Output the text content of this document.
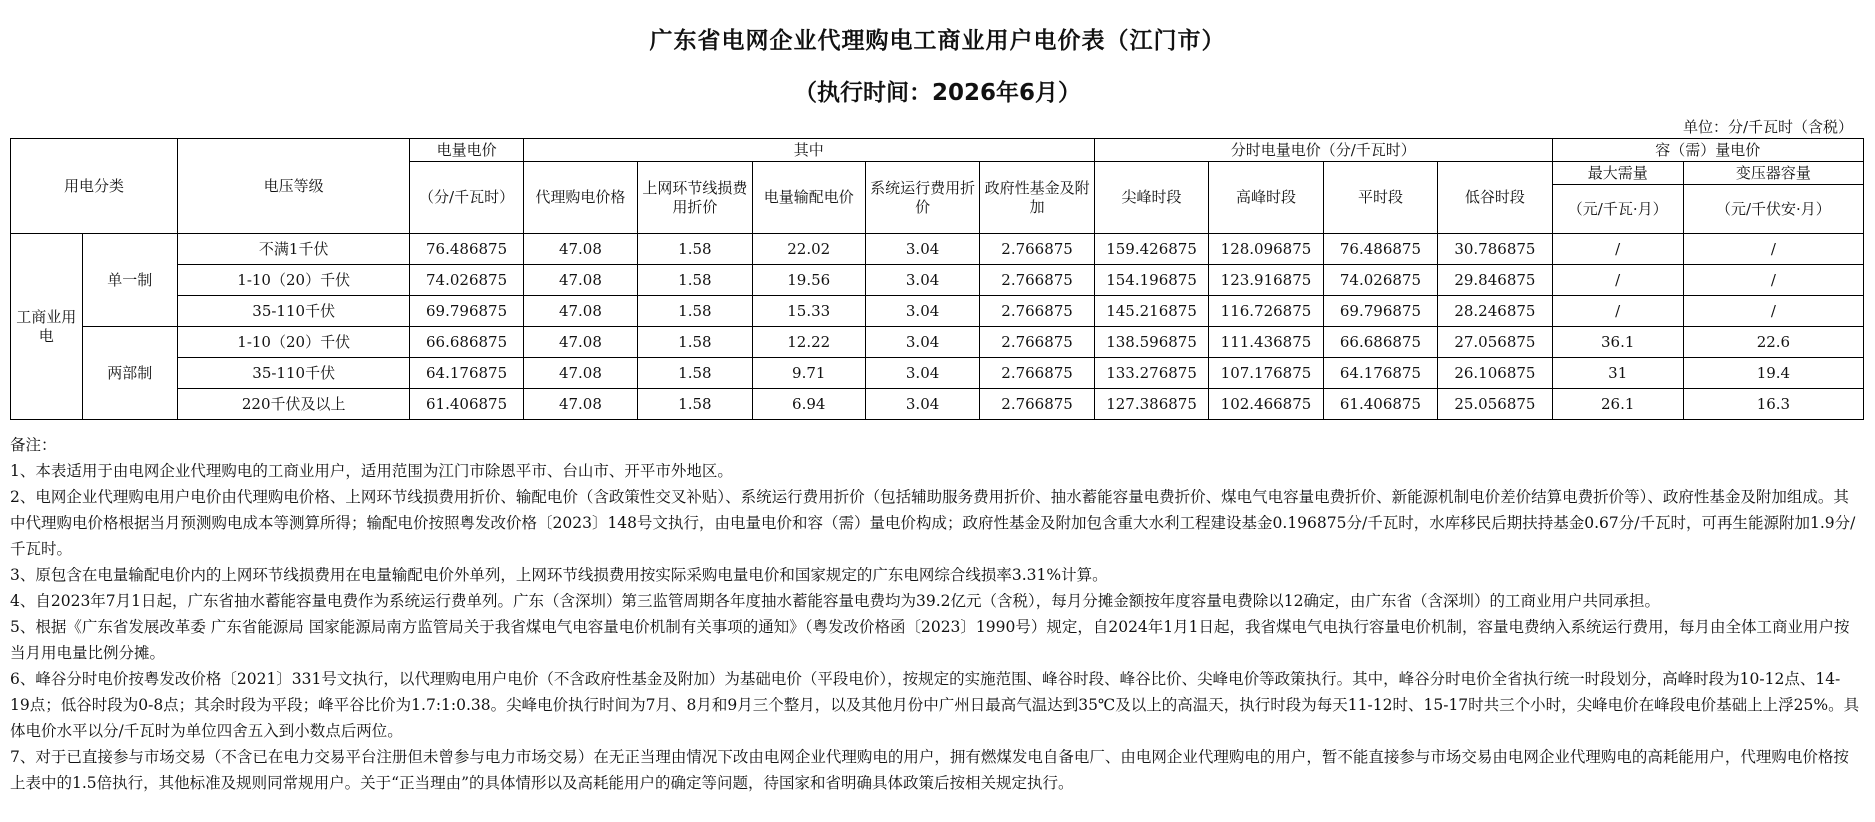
广东省电网企业代理购电工商业用户电价表（江门市）
（执行时间：2026年6月）
单位：分/千瓦时（含税）
用电分类		电压等级	电量电价	其中					分时电量电价（分/千瓦时）				容（需）量电价	
			（分/千瓦时）	代理购电价格	上网环节线损费用折价	电量输配电价	系统运行费用折价	政府性基金及附加	尖峰时段	高峰时段	平时段	低谷时段	最大需量	变压器容量
													（元/千瓦·月）	（元/千伏安·月）
工商业用电	单一制	不满1千伏	76.486875	47.08	1.58	22.02	3.04	2.766875	159.426875	128.096875	76.486875	30.786875	/	/
		1-10（20）千伏	74.026875	47.08	1.58	19.56	3.04	2.766875	154.196875	123.916875	74.026875	29.846875	/	/
		35-110千伏	69.796875	47.08	1.58	15.33	3.04	2.766875	145.216875	116.726875	69.796875	28.246875	/	/
	两部制	1-10（20）千伏	66.686875	47.08	1.58	12.22	3.04	2.766875	138.596875	111.436875	66.686875	27.056875	36.1	22.6
		35-110千伏	64.176875	47.08	1.58	9.71	3.04	2.766875	133.276875	107.176875	64.176875	26.106875	31	19.4
		220千伏及以上	61.406875	47.08	1.58	6.94	3.04	2.766875	127.386875	102.466875	61.406875	25.056875	26.1	16.3

备注：

1、本表适用于由电网企业代理购电的工商业用户，适用范围为江门市除恩平市、台山市、开平市外地区。

2、电网企业代理购电用户电价由代理购电价格、上网环节线损费用折价、输配电价（含政策性交叉补贴）、系统运行费用折价（包括辅助服务费用折价、抽水蓄能容量电费折价、煤电气电容量电费折价、新能源机制电价差价结算电费折价等）、政府性基金及附加组成。其中代理购电价格根据当月预测购电成本等测算所得；输配电价按照粤发改价格〔2023〕148号文执行，由电量电价和容（需）量电价构成；政府性基金及附加包含重大水利工程建设基金0.196875分/千瓦时，水库移民后期扶持基金0.67分/千瓦时，可再生能源附加1.9分/千瓦时。

3、原包含在电量输配电价内的上网环节线损费用在电量输配电价外单列，上网环节线损费用按实际采购电量电价和国家规定的广东电网综合线损率3.31%计算。

4、自2023年7月1日起，广东省抽水蓄能容量电费作为系统运行费单列。广东（含深圳）第三监管周期各年度抽水蓄能容量电费均为39.2亿元（含税），每月分摊金额按年度容量电费除以12确定，由广东省（含深圳）的工商业用户共同承担。

5、根据《广东省发展改革委 广东省能源局 国家能源局南方监管局关于我省煤电气电容量电价机制有关事项的通知》（粤发改价格函〔2023〕1990号）规定，自2024年1月1日起，我省煤电气电执行容量电价机制，容量电费纳入系统运行费用，每月由全体工商业用户按当月用电量比例分摊。

6、峰谷分时电价按粤发改价格〔2021〕331号文执行，以代理购电用户电价（不含政府性基金及附加）为基础电价（平段电价），按规定的实施范围、峰谷时段、峰谷比价、尖峰电价等政策执行。其中，峰谷分时电价全省执行统一时段划分，高峰时段为10-12点、14-19点；低谷时段为0-8点；其余时段为平段；峰平谷比价为1.7:1:0.38。尖峰电价执行时间为7月、8月和9月三个整月，以及其他月份中广州日最高气温达到35℃及以上的高温天，执行时段为每天11-12时、15-17时共三个小时，尖峰电价在峰段电价基础上上浮25%。具体电价水平以分/千瓦时为单位四舍五入到小数点后两位。

7、对于已直接参与市场交易（不含已在电力交易平台注册但未曾参与电力市场交易）在无正当理由情况下改由电网企业代理购电的用户，拥有燃煤发电自备电厂、由电网企业代理购电的用户，暂不能直接参与市场交易由电网企业代理购电的高耗能用户，代理购电价格按上表中的1.5倍执行，其他标准及规则同常规用户。关于“正当理由”的具体情形以及高耗能用户的确定等问题，待国家和省明确具体政策后按相关规定执行。
